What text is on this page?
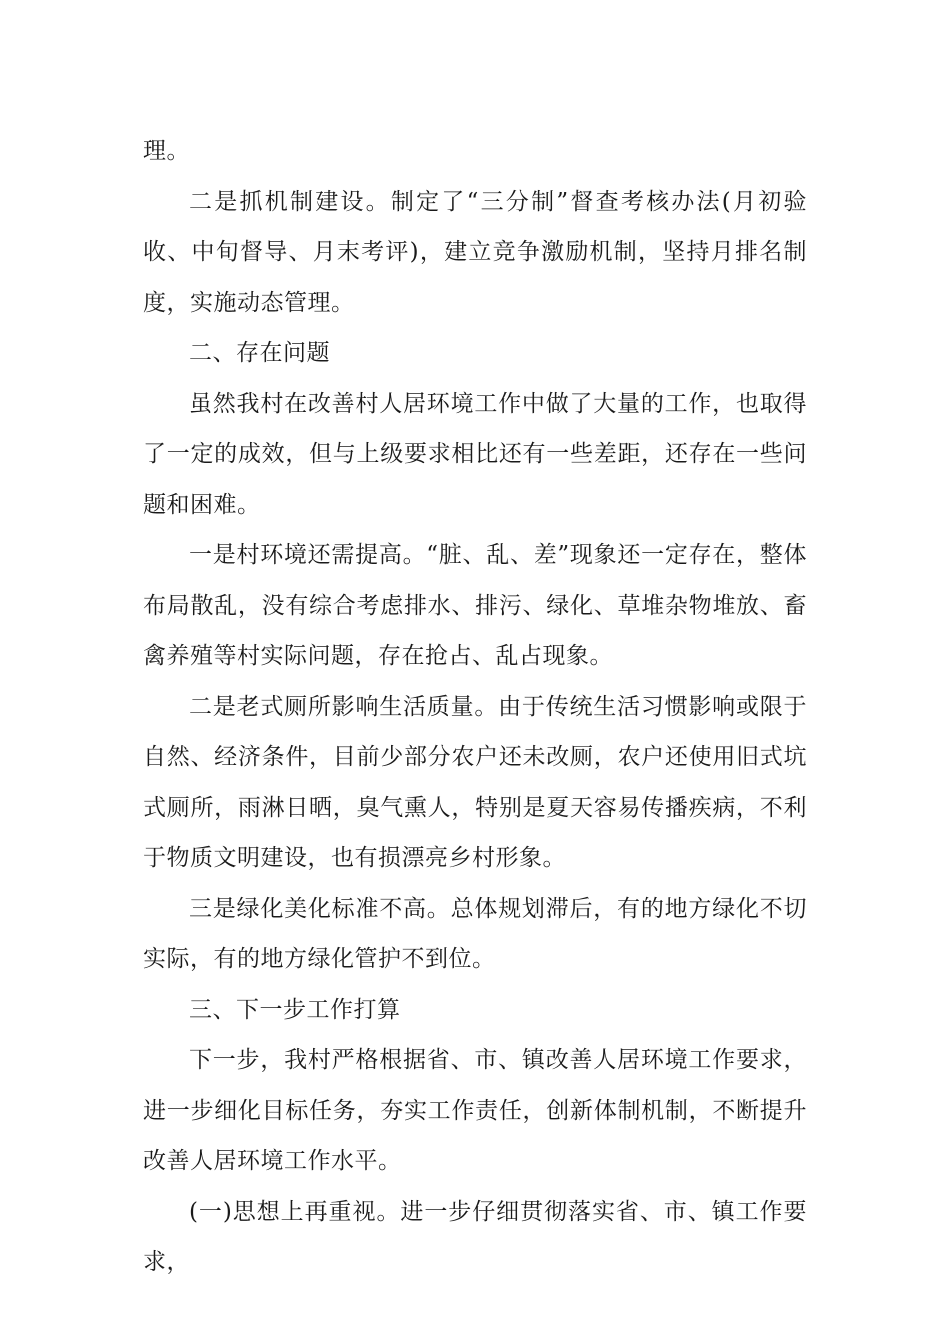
理。

二是抓机制建设。制定了“三分制”督查考核办法(月初验收、中旬督导、月末考评)，建立竞争激励机制，坚持月排名制度，实施动态管理。

二、存在问题

虽然我村在改善村人居环境工作中做了大量的工作，也取得了一定的成效，但与上级要求相比还有一些差距，还存在一些问题和困难。

一是村环境还需提高。“脏、乱、差”现象还一定存在，整体布局散乱，没有综合考虑排水、排污、绿化、草堆杂物堆放、畜禽养殖等村实际问题，存在抢占、乱占现象。

二是老式厕所影响生活质量。由于传统生活习惯影响或限于自然、经济条件，目前少部分农户还未改厕，农户还使用旧式坑式厕所，雨淋日晒，臭气熏人，特别是夏天容易传播疾病，不利于物质文明建设，也有损漂亮乡村形象。

三是绿化美化标准不高。总体规划滞后，有的地方绿化不切实际，有的地方绿化管护不到位。

三、下一步工作打算

下一步，我村严格根据省、市、镇改善人居环境工作要求，进一步细化目标任务，夯实工作责任，创新体制机制，不断提升改善人居环境工作水平。

(一)思想上再重视。进一步仔细贯彻落实省、市、镇工作要求，
